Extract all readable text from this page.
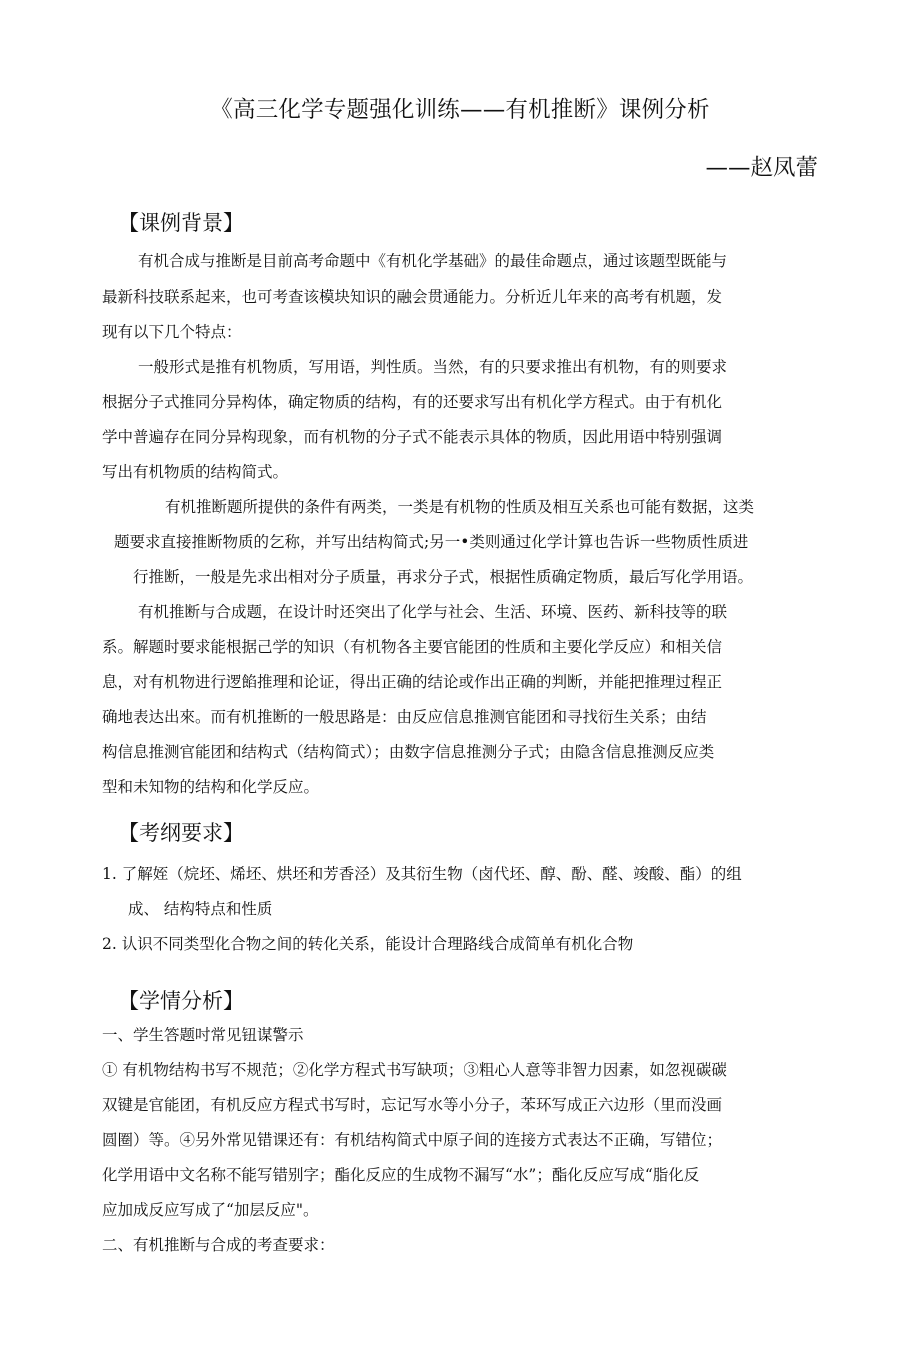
《高三化学专题强化训练——有机推断》课例分析
——赵凤蕾
【课例背景】
有机合成与推断是目前高考命题中《有机化学基础》的最佳命题点，通过该题型既能与
最新科技联系起来，也可考查该模块知识的融会贯通能力。分析近儿年来的高考有机题，发
现有以下几个特点：
一般形式是推有机物质，写用语，判性质。当然，有的只要求推出有机物，有的则要求
根据分子式推同分异构体，确定物质的结构，有的还要求写出有机化学方程式。由于有机化
学中普遍存在同分异构现象，而有机物的分子式不能表示具体的物质，因此用语中特别强调
写出有机物质的结构简式。
有机推断题所提供的条件有两类，一类是有机物的性质及相互关系也可能有数据，这类
题要求直接推断物质的乞称，并写出结构简式;另一•类则通过化学计算也告诉一些物质性质进
行推断，一般是先求出相对分子质量，再求分子式，根据性质确定物质，最后写化学用语。
有机推断与合成题，在设计时还突出了化学与社会、生活、环境、医药、新科技等的联
系。解题时要求能根据己学的知识（有机物各主要官能团的性质和主要化学反应）和相关信
息，对有机物进行逻餡推理和论证，得出正确的结论或作出正确的判断，并能把推理过程正
确地表达出來。而有机推断的一般思路是：由反应信息推测官能团和寻找衍生关系；由结
构信息推测官能团和结构式（结构简式）；由数字信息推测分子式；由隐含信息推测反应类
型和未知物的结构和化学反应。
【考纲要求】
1. 了解姪（烷坯、烯坯、烘坯和芳香泾）及其衍生物（卤代坯、醇、酚、醛、竣酸、酯）的组
成、 结构特点和性质
2. 认识不同类型化合物之间的转化关系，能设计合理路线合成简单有机化合物
【学情分析】
一、学生答题吋常见钮谋警示
① 有机物结构书写不规范；②化学方程式书写缺项；③粗心人意等非智力因素，如忽视碳碳
双键是官能团，有机反应方程式书写时，忘记写水等小分子，苯环写成正六边形（里而没画
圆圈）等。④另外常见错课还有：有机结构简式中原子间的连接方式表达不正确，写错位；
化学用语中文名称不能写错别字；酯化反应的生成物不漏写“水”；酯化反应写成“脂化反
应加成反应写成了“加层反应"。
二、有机推断与合成的考查要求：
